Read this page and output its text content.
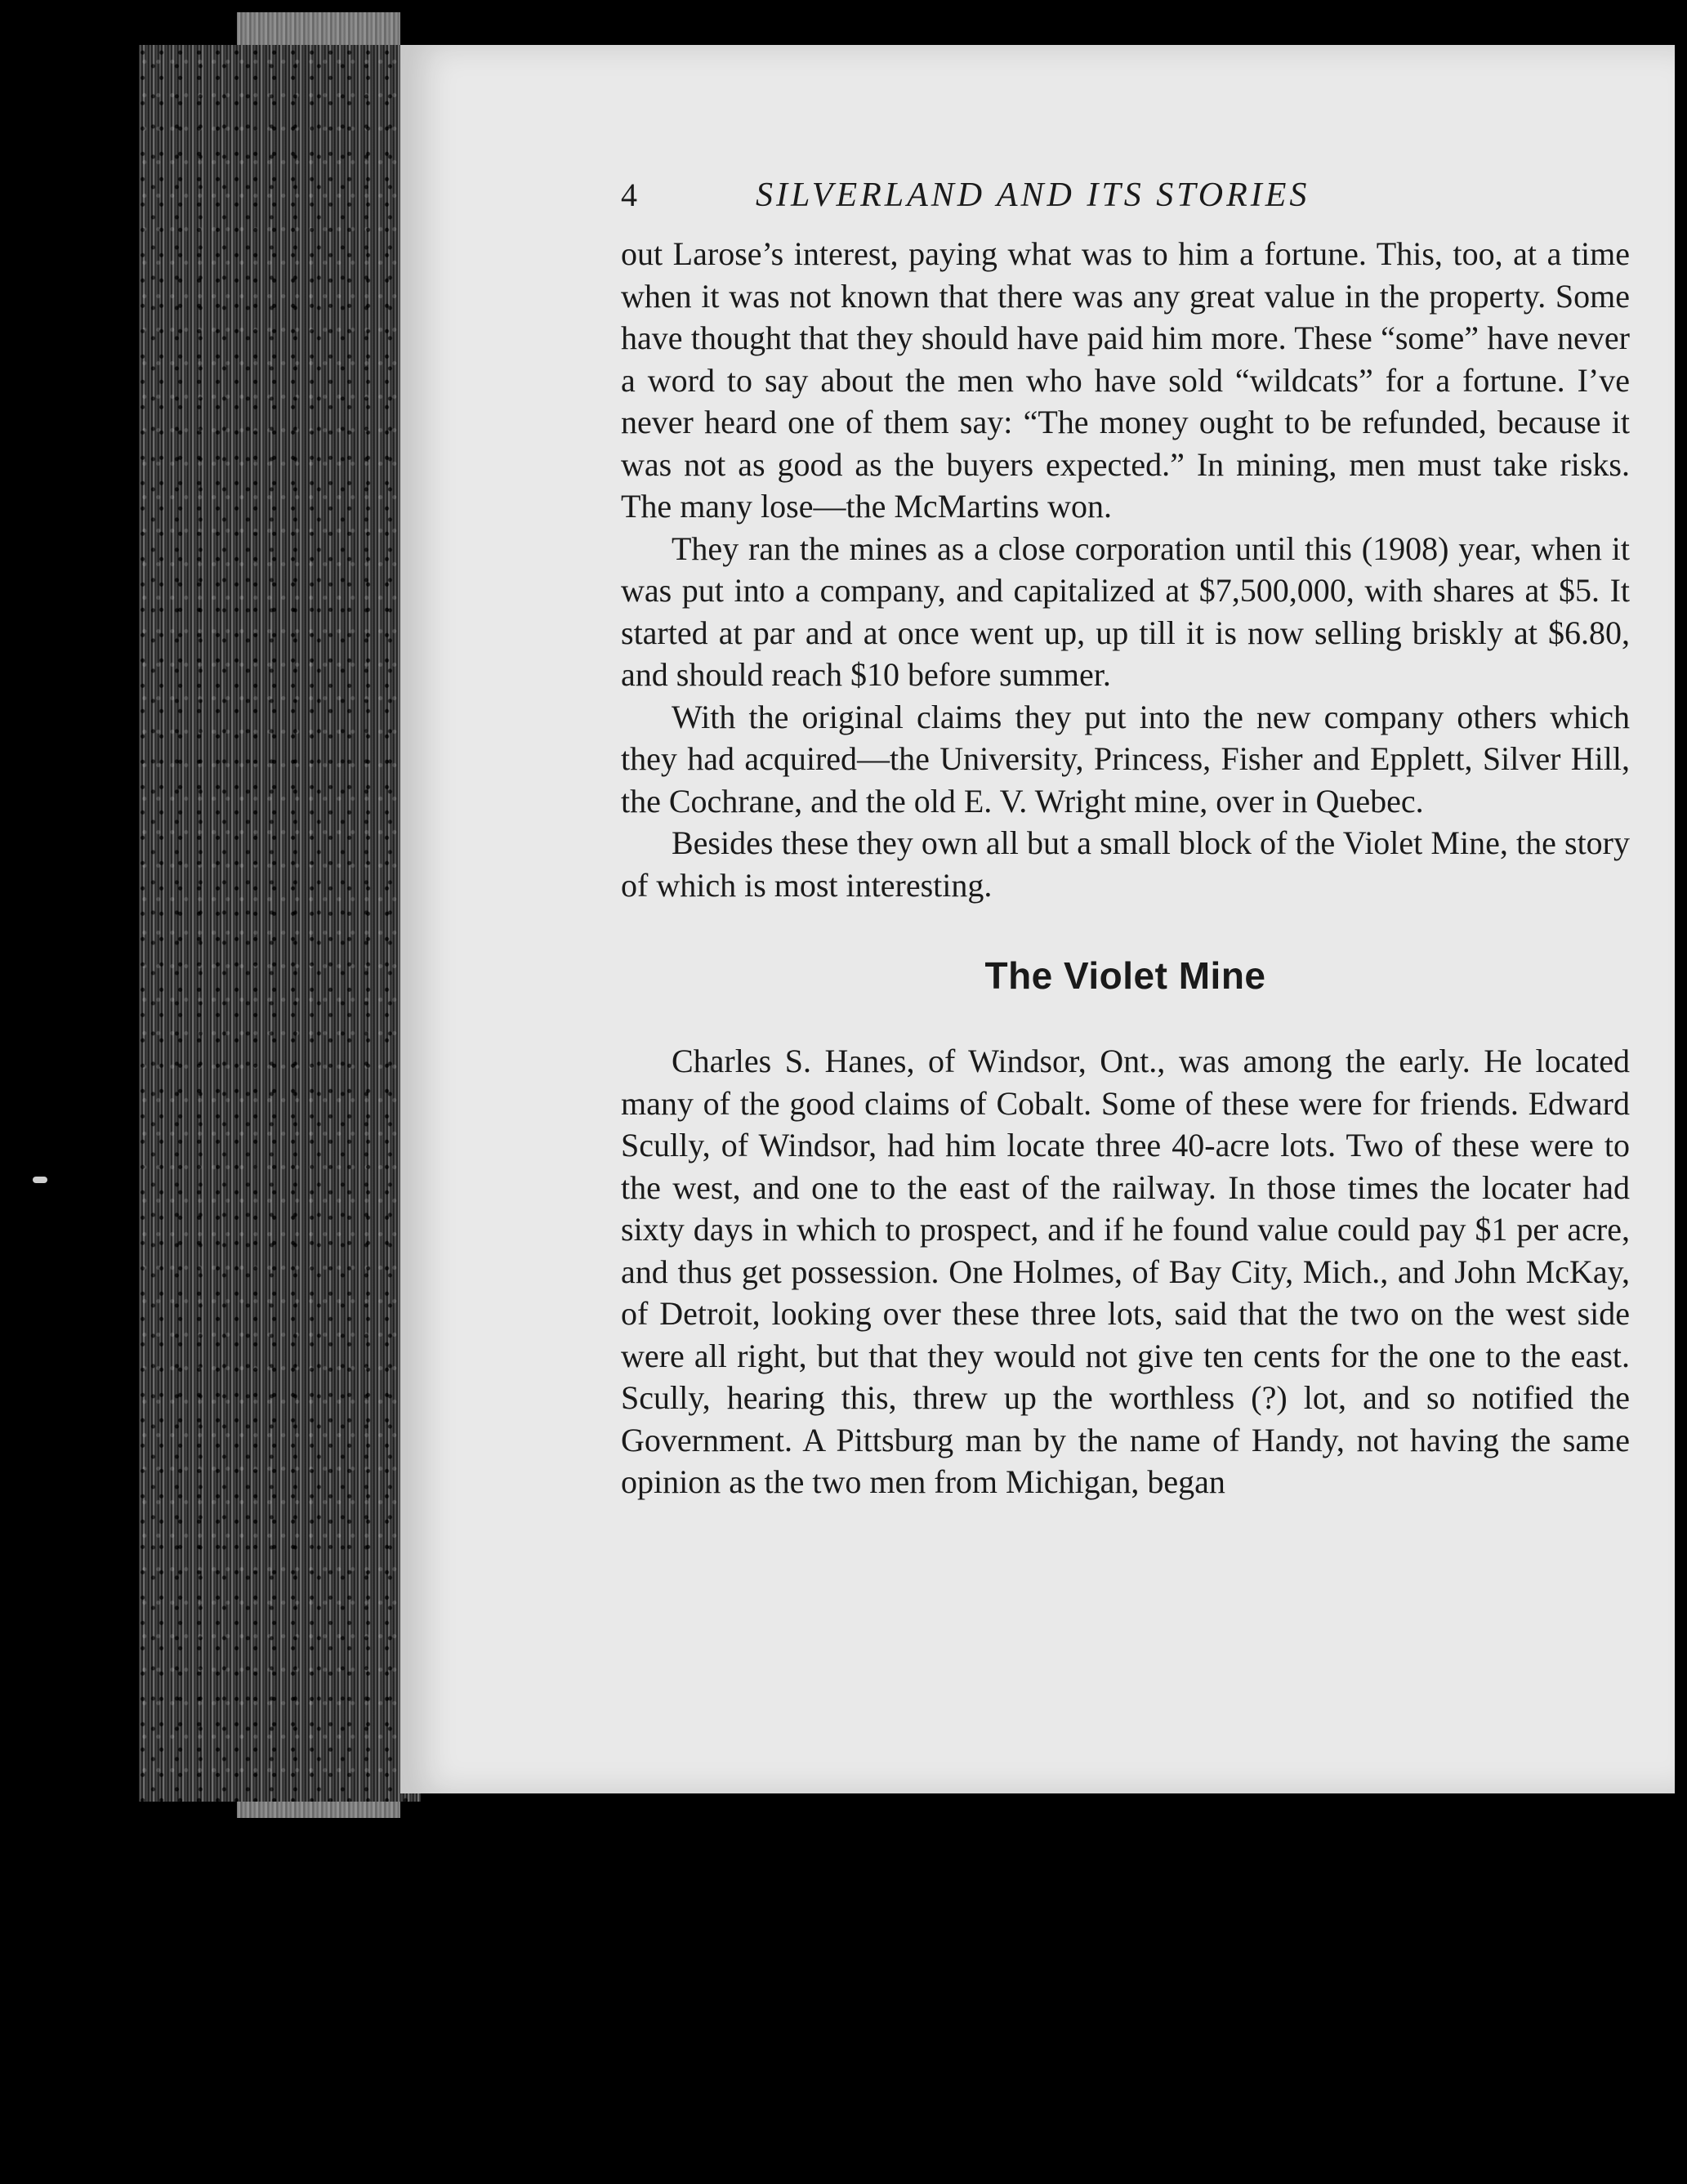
4	SILVERLAND AND ITS STORIES

out Larose’s interest, paying what was to him a fortune. This, too, at a time when it was not known that there was any great value in the property. Some have thought that they should have paid him more. These “some” have never a word to say about the men who have sold “wildcats” for a fortune. I’ve never heard one of them say: “The money ought to be refunded, because it was not as good as the buyers expected.” In mining, men must take risks. The many lose—the McMartins won.

They ran the mines as a close corporation until this (1908) year, when it was put into a company, and capitalized at $7,500,000, with shares at $5. It started at par and at once went up, up till it is now selling briskly at $6.80, and should reach $10 before summer.

With the original claims they put into the new company others which they had acquired—the University, Princess, Fisher and Epplett, Silver Hill, the Cochrane, and the old E. V. Wright mine, over in Quebec.

Besides these they own all but a small block of the Violet Mine, the story of which is most interesting.

The Violet Mine

Charles S. Hanes, of Windsor, Ont., was among the early. He located many of the good claims of Cobalt. Some of these were for friends. Edward Scully, of Windsor, had him locate three 40-acre lots. Two of these were to the west, and one to the east of the railway. In those times the locater had sixty days in which to prospect, and if he found value could pay $1 per acre, and thus get possession. One Holmes, of Bay City, Mich., and John McKay, of Detroit, looking over these three lots, said that the two on the west side were all right, but that they would not give ten cents for the one to the east. Scully, hearing this, threw up the worthless (?) lot, and so notified the Government. A Pittsburg man by the name of Handy, not having the same opinion as the two men from Michigan, began
